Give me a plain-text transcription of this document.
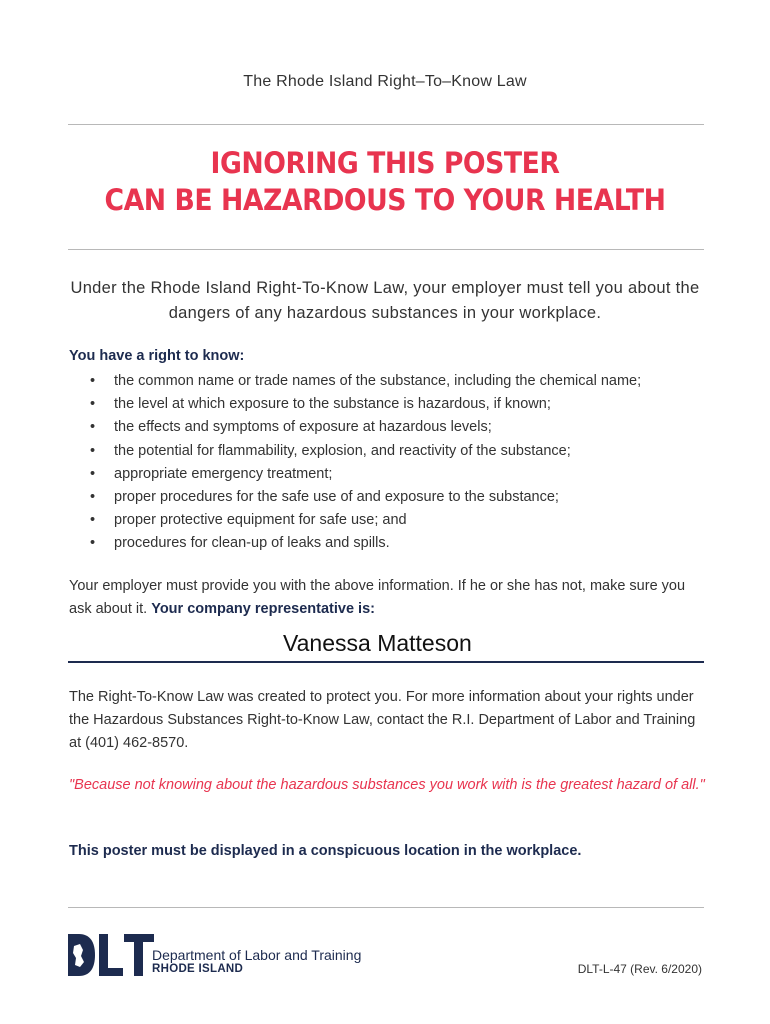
The Rhode Island Right–To–Know Law
IGNORING THIS POSTER
CAN BE HAZARDOUS TO YOUR HEALTH
Under the Rhode Island Right-To-Know Law, your employer must tell you about the dangers of any hazardous substances in your workplace.
You have a right to know:
• the common name or trade names of the substance, including the chemical name;
• the level at which exposure to the substance is hazardous, if known;
• the effects and symptoms of exposure at hazardous levels;
• the potential for flammability, explosion, and reactivity of the substance;
• appropriate emergency treatment;
• proper procedures for the safe use of and exposure to the substance;
• proper protective equipment for safe use; and
• procedures for clean-up of leaks and spills.
Your employer must provide you with the above information. If he or she has not, make sure you ask about it. Your company representative is:
Vanessa Matteson
The Right-To-Know Law was created to protect you. For more information about your rights under the Hazardous Substances Right-to-Know Law, contact the R.I. Department of Labor and Training at (401) 462-8570.
"Because not knowing about the hazardous substances you work with is the greatest hazard of all."
This poster must be displayed in a conspicuous location in the workplace.
Department of Labor and Training
RHODE ISLAND	DLT-L-47 (Rev. 6/2020)
